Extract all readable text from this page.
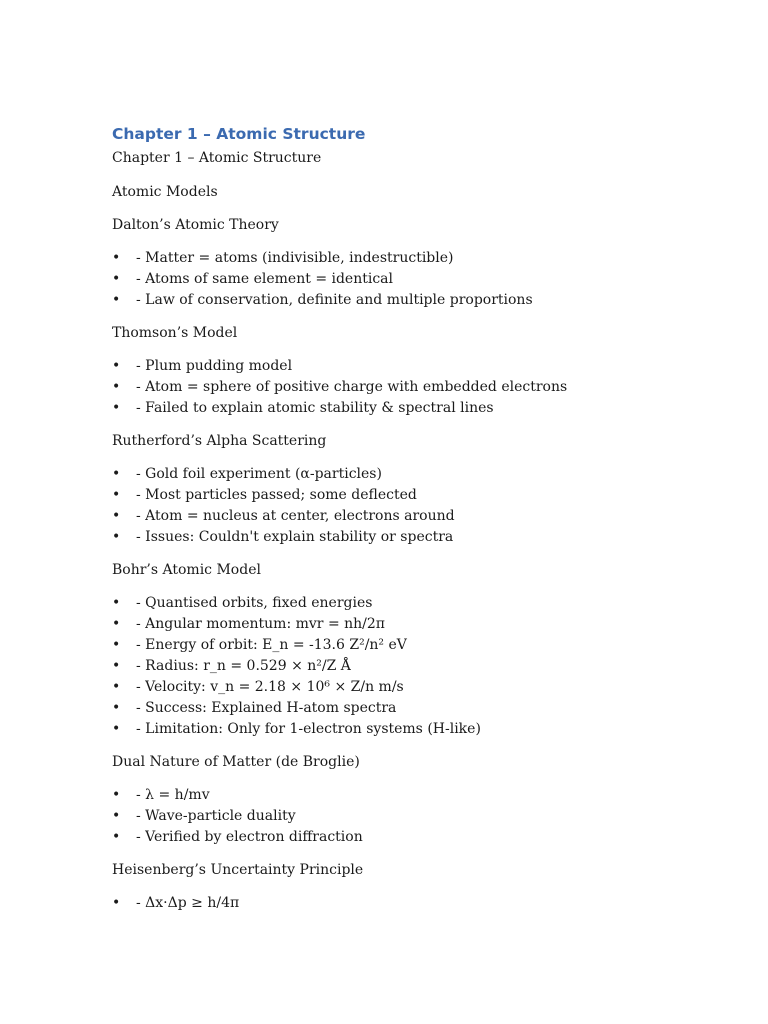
Chapter 1 – Atomic Structure

Chapter 1 – Atomic Structure

Atomic Models

Dalton’s Atomic Theory

• - Matter = atoms (indivisible, indestructible)
• - Atoms of same element = identical
• - Law of conservation, definite and multiple proportions

Thomson’s Model

• - Plum pudding model
• - Atom = sphere of positive charge with embedded electrons
• - Failed to explain atomic stability & spectral lines

Rutherford’s Alpha Scattering

• - Gold foil experiment (α-particles)
• - Most particles passed; some deflected
• - Atom = nucleus at center, electrons around
• - Issues: Couldn't explain stability or spectra

Bohr’s Atomic Model

• - Quantised orbits, fixed energies
• - Angular momentum: mvr = nh/2π
• - Energy of orbit: E_n = -13.6 Z²/n² eV
• - Radius: r_n = 0.529 × n²/Z Å
• - Velocity: v_n = 2.18 × 10⁶ × Z/n m/s
• - Success: Explained H-atom spectra
• - Limitation: Only for 1-electron systems (H-like)

Dual Nature of Matter (de Broglie)

• - λ = h/mv
• - Wave-particle duality
• - Verified by electron diffraction

Heisenberg’s Uncertainty Principle

• - Δx·Δp ≥ h/4π
